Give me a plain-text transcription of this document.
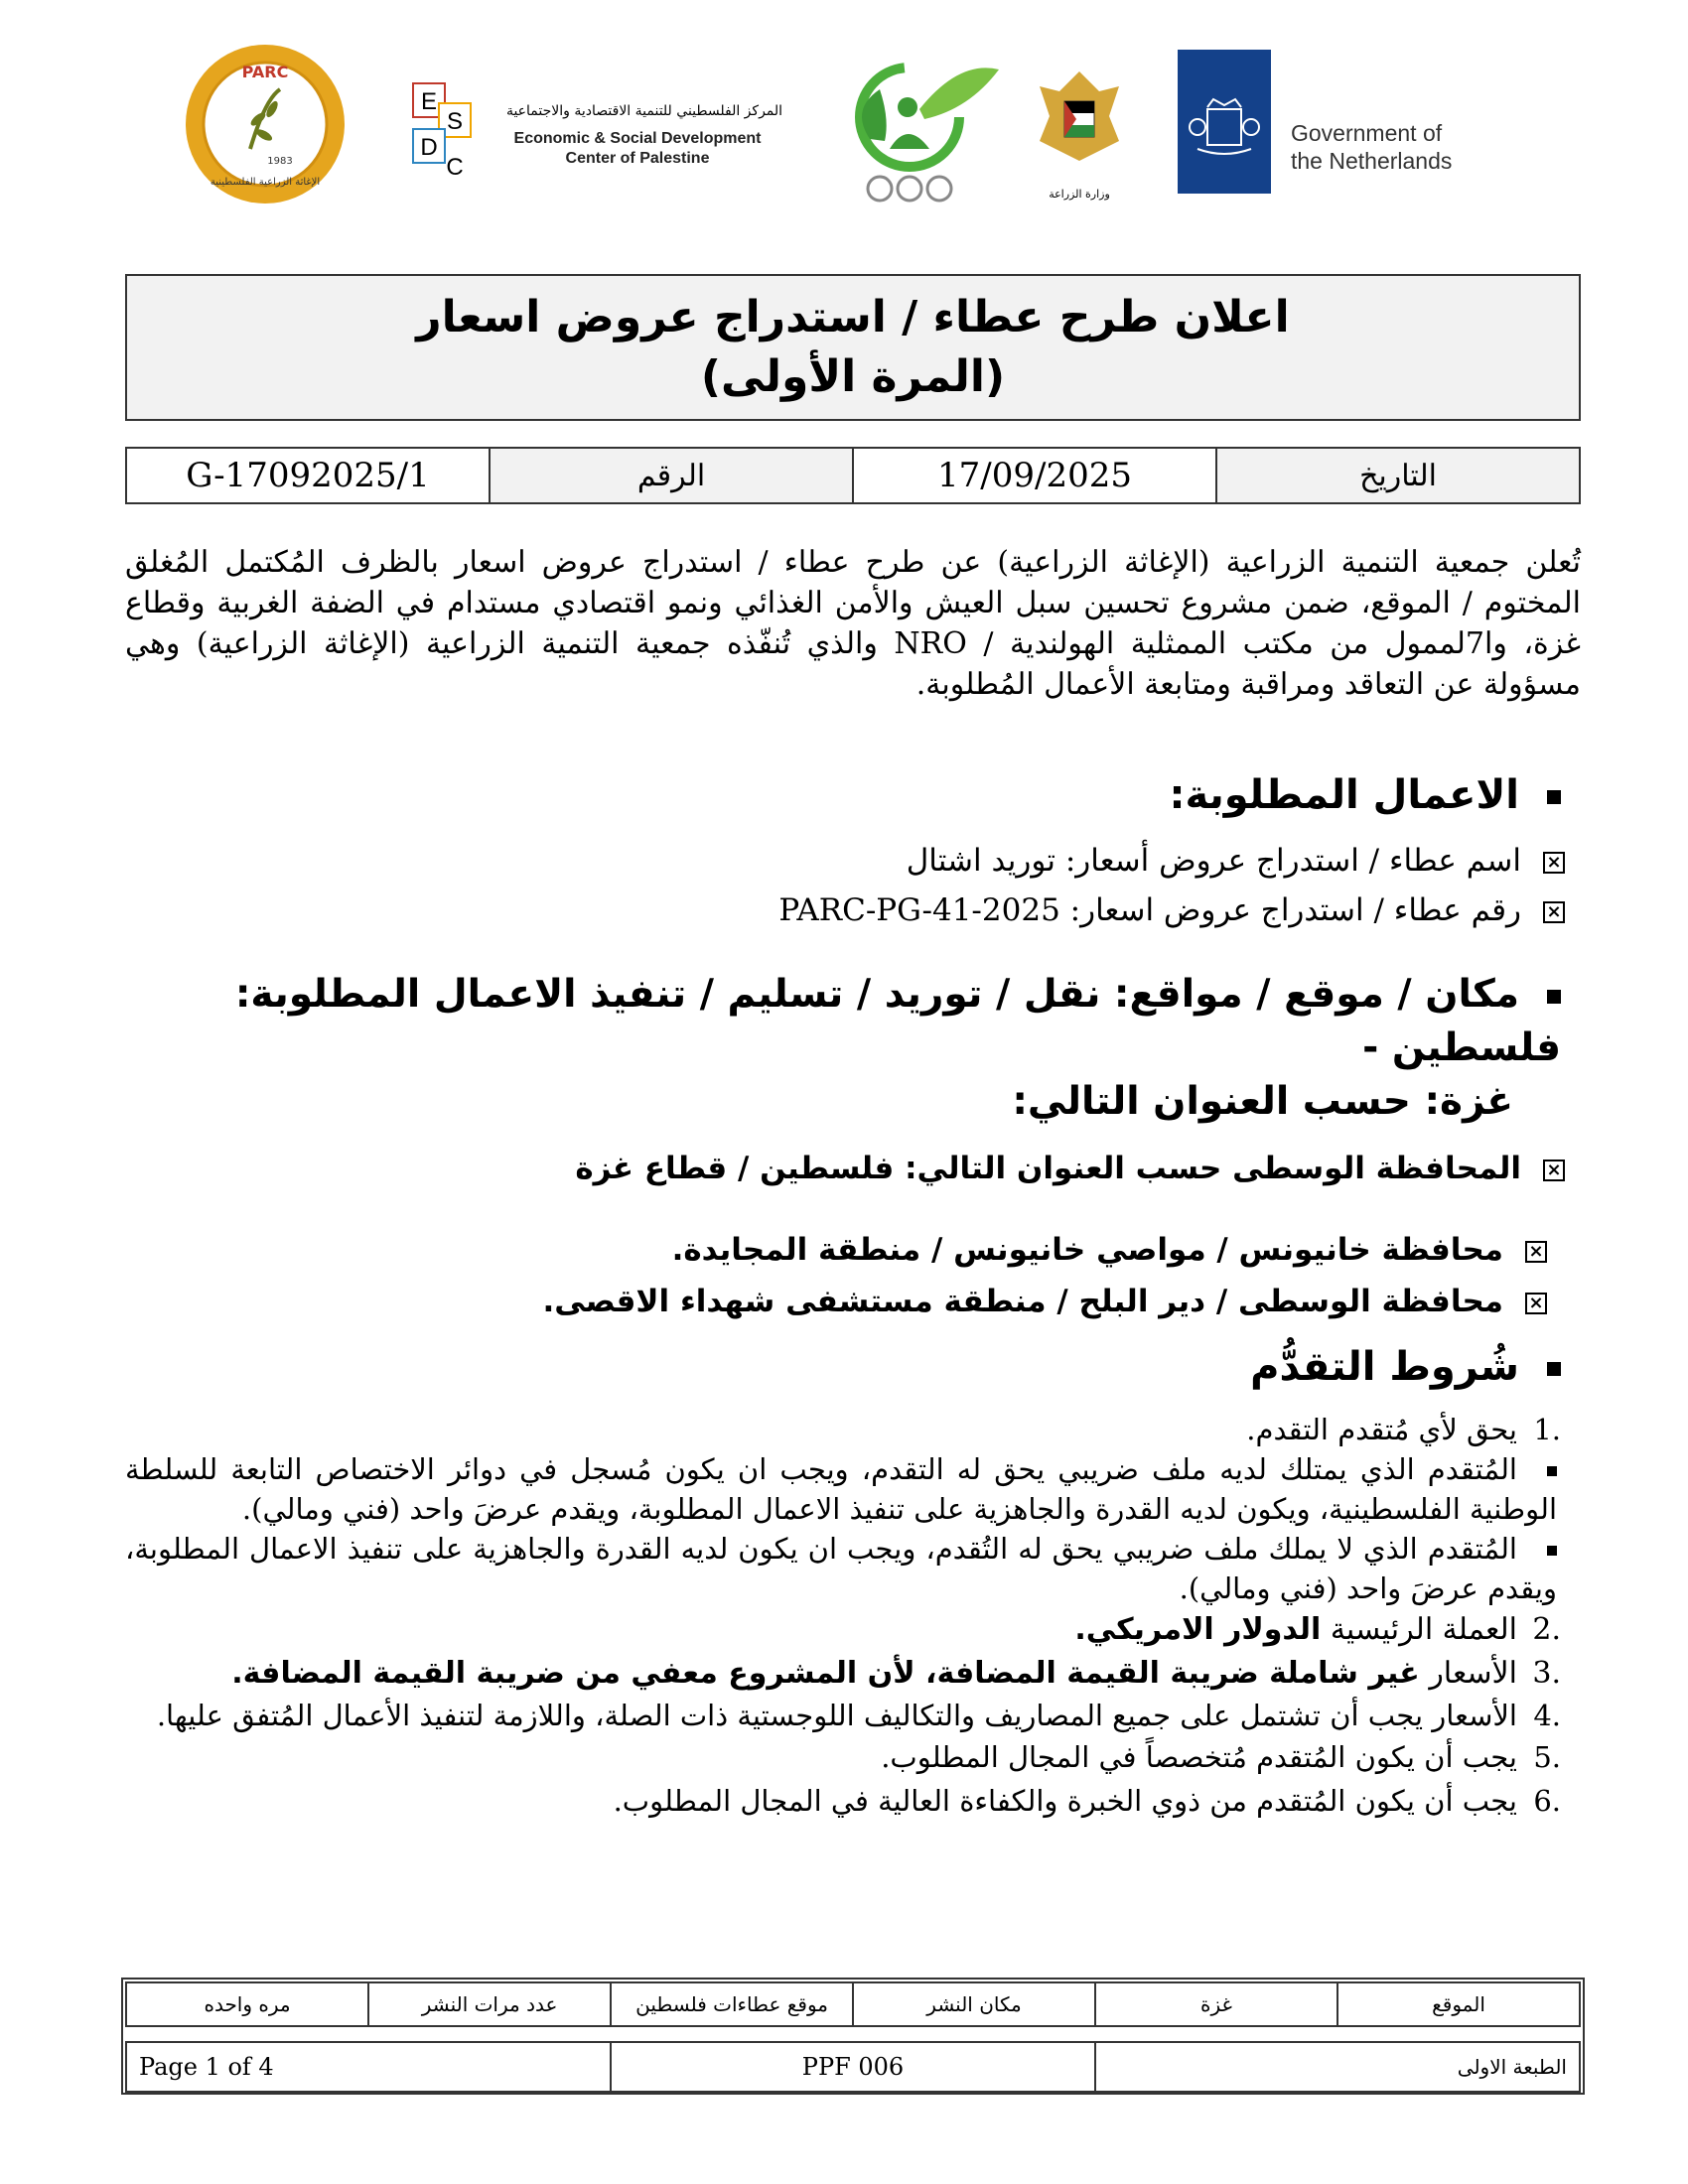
PARC
1983
الإغاثة الزراعية الفلسطينية
E
S
D
C
المركز الفلسطيني للتنمية الاقتصادية والاجتماعية
Economic & Social Development
Center of Palestine
وزارة الزراعة
Government of
the Netherlands
اعلان طرح عطاء / استدراج عروض اسعار
(المرة الأولى)
التاريخ	17/09/2025	الرقم	G-17092025/1
تُعلن جمعية التنمية الزراعية (الإغاثة الزراعية) عن طرح عطاء / استدراج عروض اسعار بالظرف المُكتمل المُغلق المختوم / الموقع، ضمن مشروع تحسين سبل العيش والأمن الغذائي ونمو اقتصادي مستدام في الضفة الغربية وقطاع غزة، وا7لممول من مكتب الممثلية الهولندية / NRO والذي تُنفّذه جمعية التنمية الزراعية (الإغاثة الزراعية) وهي مسؤولة عن التعاقد ومراقبة ومتابعة الأعمال المُطلوبة.
الاعمال المطلوبة:
×اسم عطاء / استدراج عروض أسعار: توريد اشتال
×رقم عطاء / استدراج عروض اسعار: PARC-PG-41-2025
مكان / موقع / مواقع: نقل / توريد / تسليم / تنفيذ الاعمال المطلوبة: فلسطين -
غزة: حسب العنوان التالي:
×المحافظة الوسطى حسب العنوان التالي: فلسطين / قطاع غزة
×محافظة خانيونس / مواصي خانيونس / منطقة المجايدة.
×محافظة الوسطى / دير البلح / منطقة مستشفى شهداء الاقصى.
شُروط التقدُّم
.1يحق لأي مُتقدم التقدم.
المُتقدم الذي يمتلك لديه ملف ضريبي يحق له التقدم، ويجب ان يكون مُسجل في دوائر الاختصاص التابعة للسلطة الوطنية الفلسطينية، ويكون لديه القدرة والجاهزية على تنفيذ الاعمال المطلوبة، ويقدم عرضَ واحد (فني ومالي).
المُتقدم الذي لا يملك ملف ضريبي يحق له التُقدم، ويجب ان يكون لديه القدرة والجاهزية على تنفيذ الاعمال المطلوبة، ويقدم عرضَ واحد (فني ومالي).
.2العملة الرئيسية الدولار الامريكي.
.3الأسعار غير شاملة ضريبة القيمة المضافة، لأن المشروع معفي من ضريبة القيمة المضافة.
.4الأسعار يجب أن تشتمل على جميع المصاريف والتكاليف اللوجستية ذات الصلة، واللازمة لتنفيذ الأعمال المُتفق عليها.
.5يجب أن يكون المُتقدم مُتخصصاً في المجال المطلوب.
.6يجب أن يكون المُتقدم من ذوي الخبرة والكفاءة العالية في المجال المطلوب.
الموقع	غزة	مكان النشر	موقع عطاءات فلسطين	عدد مرات النشر	مره واحده
الطبعة الاولى	PPF 006	Page 1 of 4
